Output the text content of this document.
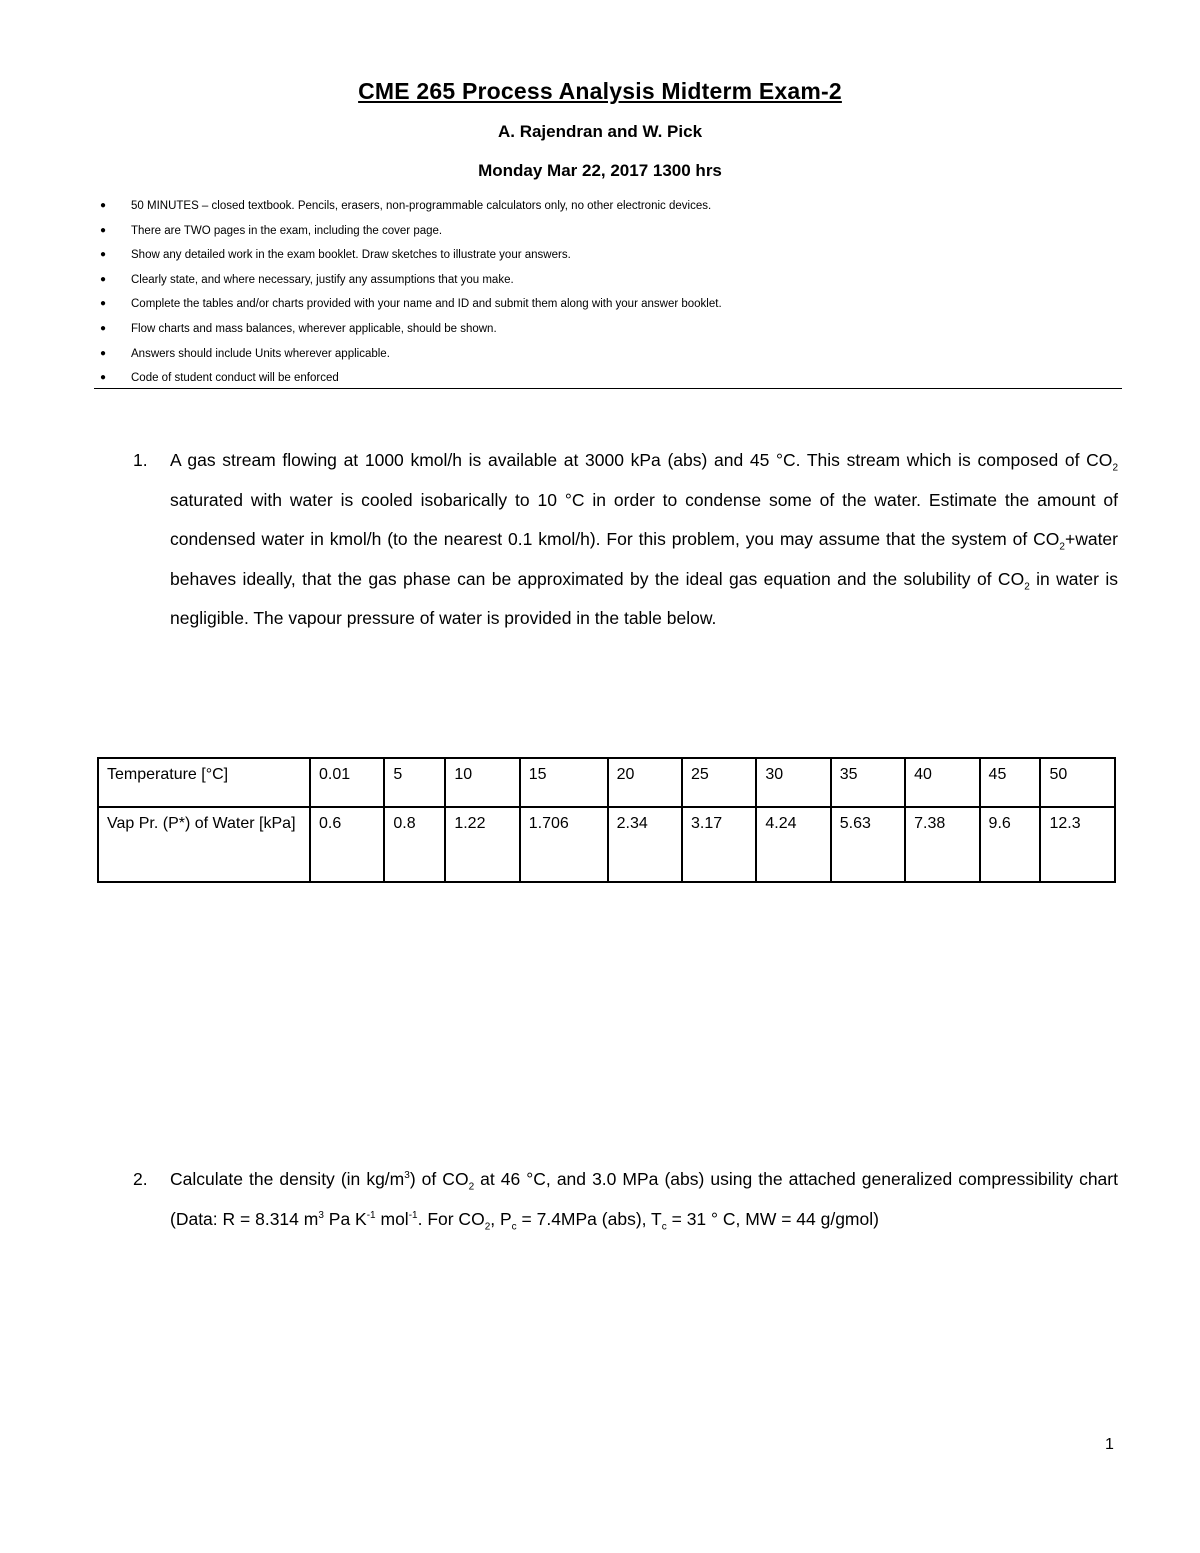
CME 265 Process Analysis Midterm Exam-2
A. Rajendran and W. Pick
Monday Mar 22, 2017 1300 hrs
● 50 MINUTES – closed textbook. Pencils, erasers, non-programmable calculators only, no other electronic devices.
● There are TWO pages in the exam, including the cover page.
● Show any detailed work in the exam booklet. Draw sketches to illustrate your answers.
● Clearly state, and where necessary, justify any assumptions that you make.
● Complete the tables and/or charts provided with your name and ID and submit them along with your answer booklet.
● Flow charts and mass balances, wherever applicable, should be shown.
● Answers should include Units wherever applicable.
● Code of student conduct will be enforced
1. A gas stream flowing at 1000 kmol/h is available at 3000 kPa (abs) and 45 °C. This stream which is composed of $CO_2$ saturated with water is cooled isobarically to 10 °C in order to condense some of the water. Estimate the amount of condensed water in kmol/h (to the nearest 0.1 kmol/h). For this problem, you may assume that the system of $CO_2+water$ behaves ideally, that the gas phase can be approximated by the ideal gas equation and the solubility of $CO_2$ in water is negligible. The vapour pressure of water is provided in the table below.
Temperature [°C]	0.01	5	10	15	20	25	30	35	40	45	50
Vap Pr. (P*) of Water [kPa]	0.6	0.8	1.22	1.706	2.34	3.17	4.24	5.63	7.38	9.6	12.3
2. Calculate the density (in $kg/m^3$) of $CO_2$ at 46 °C, and 3.0 MPa (abs) using the attached generalized compressibility chart (Data: R = 8.314 $m^3$ Pa $K^{-1}$ mol$^{-1}$. For $CO_2$, $P_c = 7.4MPa$ (abs), $T_c = 31$ ° C, MW = 44 g/gmol)
1
